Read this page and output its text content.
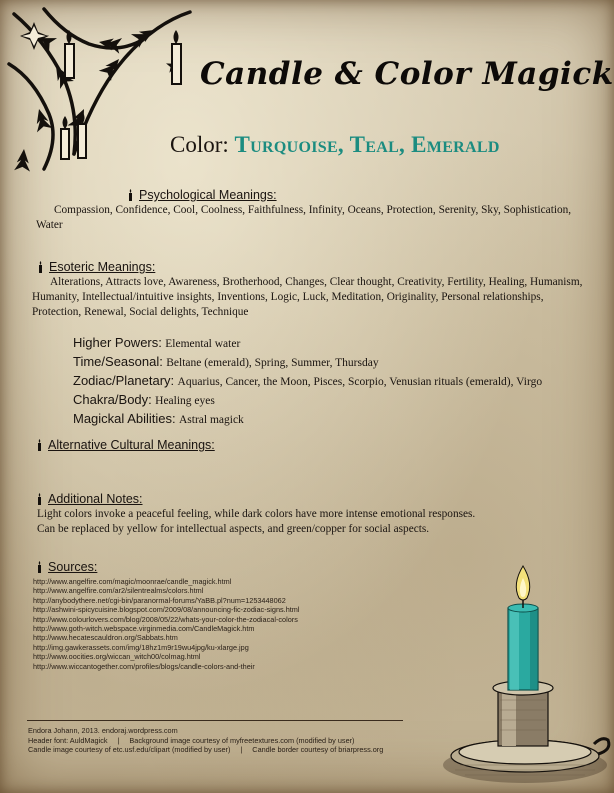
Candle & Color Magick
Color: Turquoise, Teal, Emerald
Psychological Meanings:
Compassion, Confidence, Cool, Coolness, Faithfulness, Infinity, Oceans, Protection, Serenity, Sky, Sophistication, Water
Esoteric Meanings:
Alterations, Attracts love, Awareness, Brotherhood, Changes, Clear thought, Creativity, Fertility, Healing, Humanism, Humanity, Intellectual/intuitive insights, Inventions, Logic, Luck, Meditation, Originality, Personal relationships, Protection, Renewal, Social delights, Technique
Higher Powers: Elemental water
Time/Seasonal: Beltane (emerald), Spring, Summer, Thursday
Zodiac/Planetary: Aquarius, Cancer, the Moon, Pisces, Scorpio, Venusian rituals (emerald), Virgo
Chakra/Body: Healing eyes
Magickal Abilities: Astral magick
Alternative Cultural Meanings:
Additional Notes:
Light colors invoke a peaceful feeling, while dark colors have more intense emotional responses.
Can be replaced by yellow for intellectual aspects, and green/copper for social aspects.
Sources:
http://www.angelfire.com/magic/moonrae/candle_magick.html
http://www.angelfire.com/ar2/silentrealms/colors.html
http://anybodythere.net/cgi-bin/paranormal-forums/YaBB.pl?num=1253448062
http://ashwini-spicycuisine.blogspot.com/2009/08/announcing-fic-zodiac-signs.html
http://www.colourlovers.com/blog/2008/05/22/whats-your-color-the-zodiacal-colors
http://www.goth-witch.webspace.virginmedia.com/CandleMagick.htm
http://www.hecatescauldron.org/Sabbats.htm
http://img.gawkerassets.com/img/18hz1m9r19wu4jpg/ku-xlarge.jpg
http://www.oocities.org/wiccan_witch00/colmag.html
http://www.wiccantogether.com/profiles/blogs/candle-colors-and-their
Endora Johann, 2013. endoraj.wordpress.com
Header font: AuldMagick | Background image courtesy of myfreetextures.com (modified by user)
Candle image courtesy of etc.usf.edu/clipart (modified by user) | Candle border courtesy of briarpress.org
